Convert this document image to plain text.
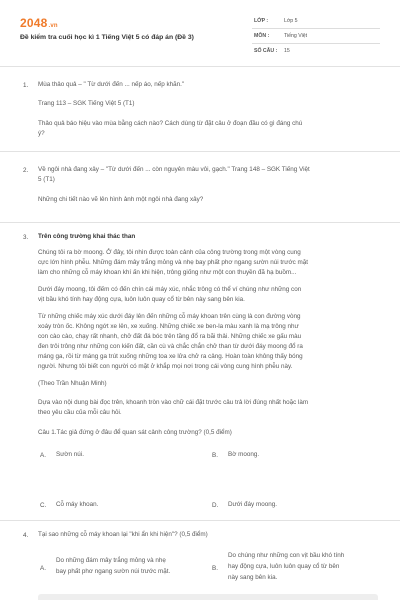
2048.vn
Đề kiểm tra cuối học kì 1 Tiếng Việt 5 có đáp án (Đề 3)
LỚP :	Lớp 5
MÔN :	Tiếng Việt
SỐ CÂU : 15
1. Mùa thảo quả – " Từ dưới đến ... nếp áo, nếp khăn."
Trang 113 – SGK Tiếng Việt 5 (T1)
Thảo quả báo hiệu vào mùa bằng cách nào? Cách dùng từ đặt câu ở đoạn đầu có gì đáng chú
ý?
2. Về ngôi nhà đang xây – "Từ dưới đến ... còn nguyên màu vôi, gạch." Trang 148 – SGK Tiếng Việt
5 (T1)
Những chi tiết nào vẽ lên hình ảnh một ngôi nhà đang xây?
3. Trên công trường khai thác than
Chúng tôi ra bờ moong. Ở đây, tôi nhìn được toàn cảnh của công trường trong một vòng cung
cực lớn hình phễu. Những đám mây trắng mỏng và nhẹ bay phất phơ ngang sườn núi trước mặt
làm cho những cỗ máy khoan khí ấn khi hiện, trông giống như một con thuyền đã hạ buồm...
Dưới đáy moong, tôi đếm có đến chín cái máy xúc, nhắc trông có thể ví chúng như những con
vịt bầu khó tính hay động cựa, luôn luôn quay cổ từ bên này sang bên kia.
Từ những chiếc máy xúc dưới đáy lên đến những cỗ máy khoan trên cùng là con đường vòng
xoáy tròn ốc. Không ngớt xe lên, xe xuống. Những chiếc xe ben-la màu xanh là mạ trông như
con cào cào, chạy rất nhanh, chở đất đá bóc trên tầng đổ ra bãi thải. Những chiếc xe gấu màu
đen trôi trông như những con kiến đất, cần cù và chắc chắn chở than từ dưới đáy moong đổ ra
máng ga, rồi từ máng ga trút xuống những toa xe lửa chở ra cảng. Hoàn toàn không thấy bóng
người. Nhưng tôi biết con người có mặt ở khắp mọi nơi trong cái vòng cung hình phễu này.
(Theo Trần Nhuận Minh)
Dựa vào nội dung bài đọc trên, khoanh tròn vào chữ cái đặt trước câu trả lời đúng nhất hoặc làm
theo yêu cầu của mỗi câu hỏi.
Câu 1.Tác giả đứng ở đâu để quan sát cảnh công trường? (0,5 điểm)
A. Sườn núi.	B. Bờ moong.
C. Cỗ máy khoan.	D. Dưới đáy moong.
4. Tại sao những cỗ máy khoan lại "khi ẩn khi hiện"? (0,5 điểm)
A.
Do những đám mây trắng mỏng và nhẹ
bay phất phơ ngang sườn núi trước mặt.	B.
Do chúng như những con vịt bầu khó tính
hay động cựa, luôn luôn quay cổ từ bên
này sang bên kia.
